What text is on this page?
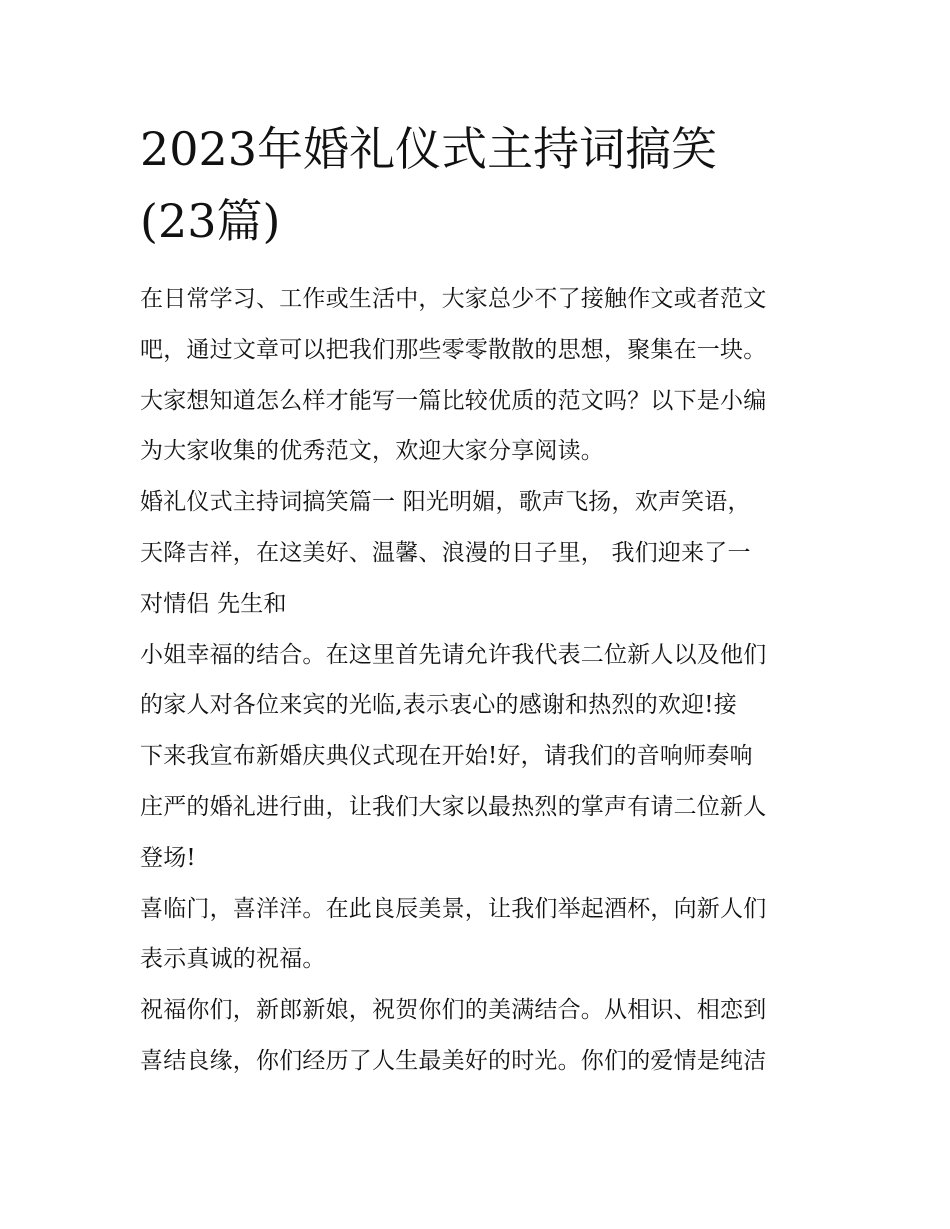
2023年婚礼仪式主持词搞笑
(23篇)
在日常学习、工作或生活中，大家总少不了接触作文或者范文
吧，通过文章可以把我们那些零零散散的思想，聚集在一块。
大家想知道怎么样才能写一篇比较优质的范文吗？以下是小编
为大家收集的优秀范文，欢迎大家分享阅读。
婚礼仪式主持词搞笑篇一 阳光明媚，歌声飞扬，欢声笑语，
天降吉祥，在这美好、温馨、浪漫的日子里， 我们迎来了一
对情侣 先生和
小姐幸福的结合。在这里首先请允许我代表二位新人以及他们
的家人对各位来宾的光临,表示衷心的感谢和热烈的欢迎!接
下来我宣布新婚庆典仪式现在开始!好，请我们的音响师奏响
庄严的婚礼进行曲，让我们大家以最热烈的掌声有请二位新人
登场!
喜临门，喜洋洋。在此良辰美景，让我们举起酒杯，向新人们
表示真诚的祝福。
祝福你们，新郎新娘，祝贺你们的美满结合。从相识、相恋到
喜结良缘，你们经历了人生最美好的时光。你们的爱情是纯洁
